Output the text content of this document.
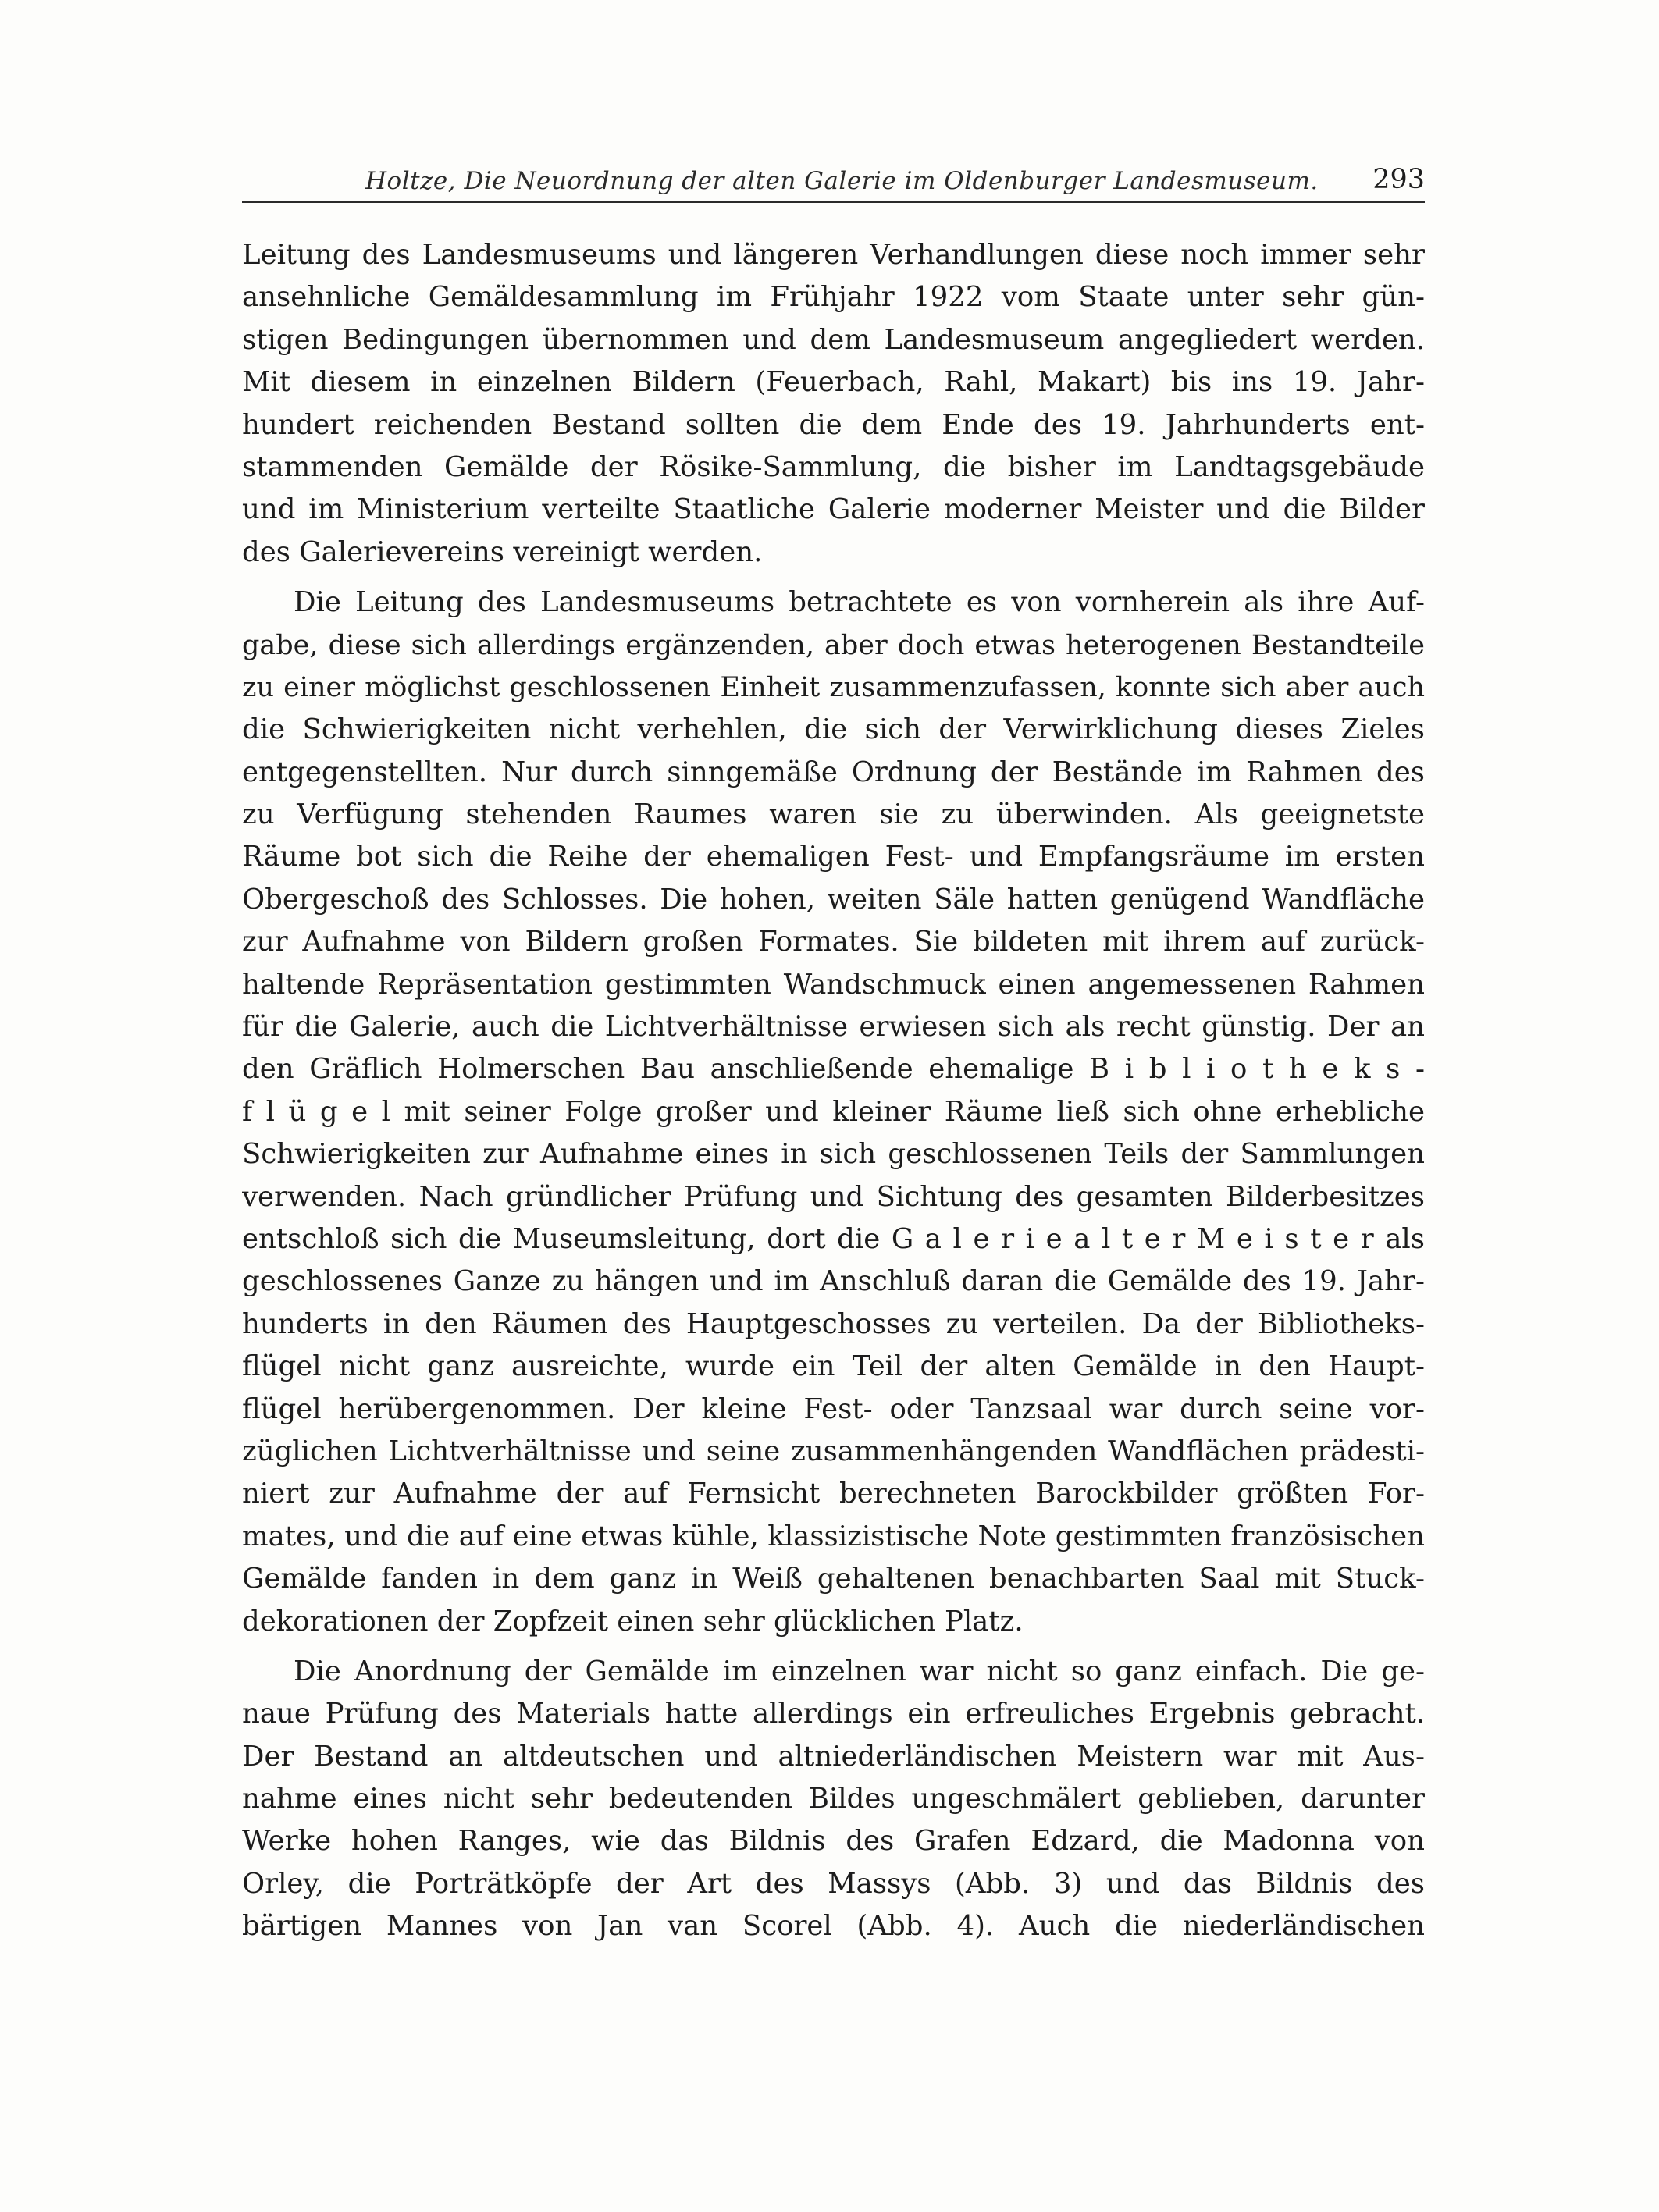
Holtze, Die Neuordnung der alten Galerie im Oldenburger Landesmuseum. 293
Leitung des Landesmuseums und längeren Verhandlungen diese noch immer sehr
ansehnliche Gemäldesammlung im Frühjahr 1922 vom Staate unter sehr gün-
stigen Bedingungen übernommen und dem Landesmuseum angegliedert werden.
Mit diesem in einzelnen Bildern (Feuerbach, Rahl, Makart) bis ins 19. Jahr-
hundert reichenden Bestand sollten die dem Ende des 19. Jahrhunderts ent-
stammenden Gemälde der Rösike-Sammlung, die bisher im Landtagsgebäude
und im Ministerium verteilte Staatliche Galerie moderner Meister und die Bilder
des Galerievereins vereinigt werden.
Die Leitung des Landesmuseums betrachtete es von vornherein als ihre Auf-
gabe, diese sich allerdings ergänzenden, aber doch etwas heterogenen Bestandteile
zu einer möglichst geschlossenen Einheit zusammenzufassen, konnte sich aber auch
die Schwierigkeiten nicht verhehlen, die sich der Verwirklichung dieses Zieles
entgegenstellten. Nur durch sinngemäße Ordnung der Bestände im Rahmen des
zu Verfügung stehenden Raumes waren sie zu überwinden. Als geeignetste
Räume bot sich die Reihe der ehemaligen Fest- und Empfangsräume im ersten
Obergeschoß des Schlosses. Die hohen, weiten Säle hatten genügend Wandfläche
zur Aufnahme von Bildern großen Formates. Sie bildeten mit ihrem auf zurück-
haltende Repräsentation gestimmten Wandschmuck einen angemessenen Rahmen
für die Galerie, auch die Lichtverhältnisse erwiesen sich als recht günstig. Der an
den Gräflich Holmerschen Bau anschließende ehemalige B i b l i o t h e k s -
f l ü g e l mit seiner Folge großer und kleiner Räume ließ sich ohne erhebliche
Schwierigkeiten zur Aufnahme eines in sich geschlossenen Teils der Sammlungen
verwenden. Nach gründlicher Prüfung und Sichtung des gesamten Bilderbesitzes
entschloß sich die Museumsleitung, dort die G a l e r i e a l t e r M e i s t e r als
geschlossenes Ganze zu hängen und im Anschluß daran die Gemälde des 19. Jahr-
hunderts in den Räumen des Hauptgeschosses zu verteilen. Da der Bibliotheks-
flügel nicht ganz ausreichte, wurde ein Teil der alten Gemälde in den Haupt-
flügel herübergenommen. Der kleine Fest- oder Tanzsaal war durch seine vor-
züglichen Lichtverhältnisse und seine zusammenhängenden Wandflächen prädesti-
niert zur Aufnahme der auf Fernsicht berechneten Barockbilder größten For-
mates, und die auf eine etwas kühle, klassizistische Note gestimmten französischen
Gemälde fanden in dem ganz in Weiß gehaltenen benachbarten Saal mit Stuck-
dekorationen der Zopfzeit einen sehr glücklichen Platz.
Die Anordnung der Gemälde im einzelnen war nicht so ganz einfach. Die ge-
naue Prüfung des Materials hatte allerdings ein erfreuliches Ergebnis gebracht.
Der Bestand an altdeutschen und altniederländischen Meistern war mit Aus-
nahme eines nicht sehr bedeutenden Bildes ungeschmälert geblieben, darunter
Werke hohen Ranges, wie das Bildnis des Grafen Edzard, die Madonna von
Orley, die Porträtköpfe der Art des Massys (Abb. 3) und das Bildnis des
bärtigen Mannes von Jan van Scorel (Abb. 4). Auch die niederländischen
